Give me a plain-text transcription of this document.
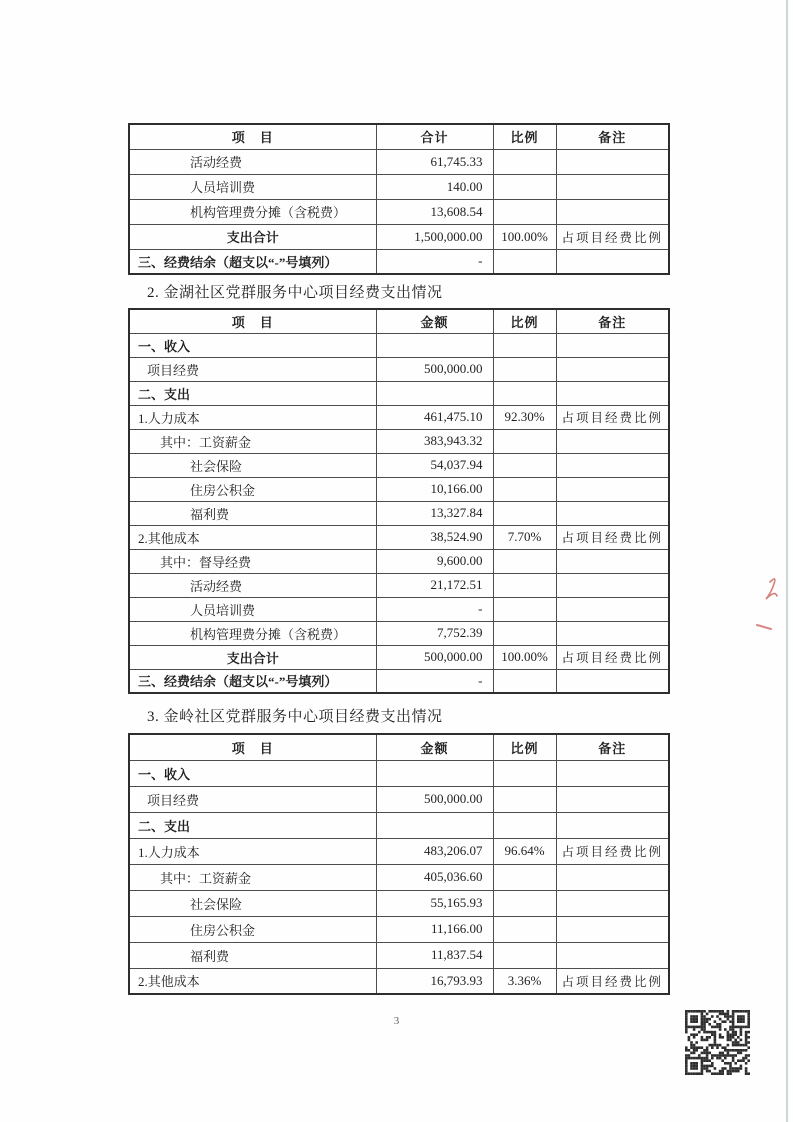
项　目	合计	比例	备注
活动经费	61,745.33		
人员培训费	140.00		
机构管理费分摊（含税费）	13,608.54		
支出合计	1,500,000.00	100.00%	占项目经费比例
三、经费结余（超支以“-”号填列）	-		
2. 金湖社区党群服务中心项目经费支出情况
项　目	金额	比例	备注
一、收入			
项目经费	500,000.00		
二、支出			
1.人力成本	461,475.10	92.30%	占项目经费比例
其中：工资薪金	383,943.32		
社会保险	54,037.94		
住房公积金	10,166.00		
福利费	13,327.84		
2.其他成本	38,524.90	7.70%	占项目经费比例
其中：督导经费	9,600.00		
活动经费	21,172.51		
人员培训费	-		
机构管理费分摊（含税费）	7,752.39		
支出合计	500,000.00	100.00%	占项目经费比例
三、经费结余（超支以“-”号填列）	-		
3. 金岭社区党群服务中心项目经费支出情况
项　目	金额	比例	备注
一、收入			
项目经费	500,000.00		
二、支出			
1.人力成本	483,206.07	96.64%	占项目经费比例
其中：工资薪金	405,036.60		
社会保险	55,165.93		
住房公积金	11,166.00		
福利费	11,837.54		
2.其他成本	16,793.93	3.36%	占项目经费比例
3
